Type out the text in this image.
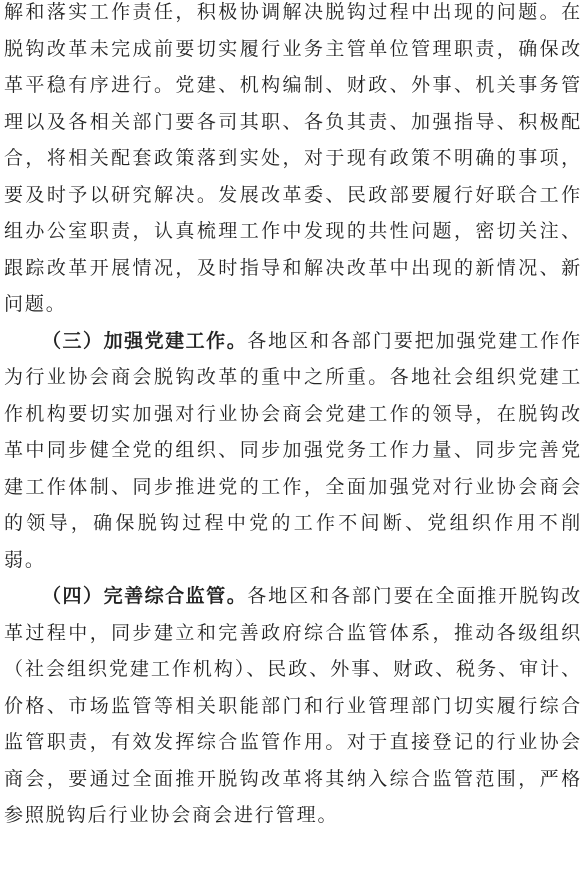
解和落实工作责任，积极协调解决脱钩过程中出现的问题。在脱钩改革未完成前要切实履行业务主管单位管理职责，确保改革平稳有序进行。党建、机构编制、财政、外事、机关事务管理以及各相关部门要各司其职、各负其责、加强指导、积极配合，将相关配套政策落到实处，对于现有政策不明确的事项，要及时予以研究解决。发展改革委、民政部要履行好联合工作组办公室职责，认真梳理工作中发现的共性问题，密切关注、跟踪改革开展情况，及时指导和解决改革中出现的新情况、新问题。

（三）加强党建工作。各地区和各部门要把加强党建工作作为行业协会商会脱钩改革的重中之所重。各地社会组织党建工作机构要切实加强对行业协会商会党建工作的领导，在脱钩改革中同步健全党的组织、同步加强党务工作力量、同步完善党建工作体制、同步推进党的工作，全面加强党对行业协会商会的领导，确保脱钩过程中党的工作不间断、党组织作用不削弱。

（四）完善综合监管。各地区和各部门要在全面推开脱钩改革过程中，同步建立和完善政府综合监管体系，推动各级组织（社会组织党建工作机构）、民政、外事、财政、税务、审计、价格、市场监管等相关职能部门和行业管理部门切实履行综合监管职责，有效发挥综合监管作用。对于直接登记的行业协会商会，要通过全面推开脱钩改革将其纳入综合监管范围，严格参照脱钩后行业协会商会进行管理。
